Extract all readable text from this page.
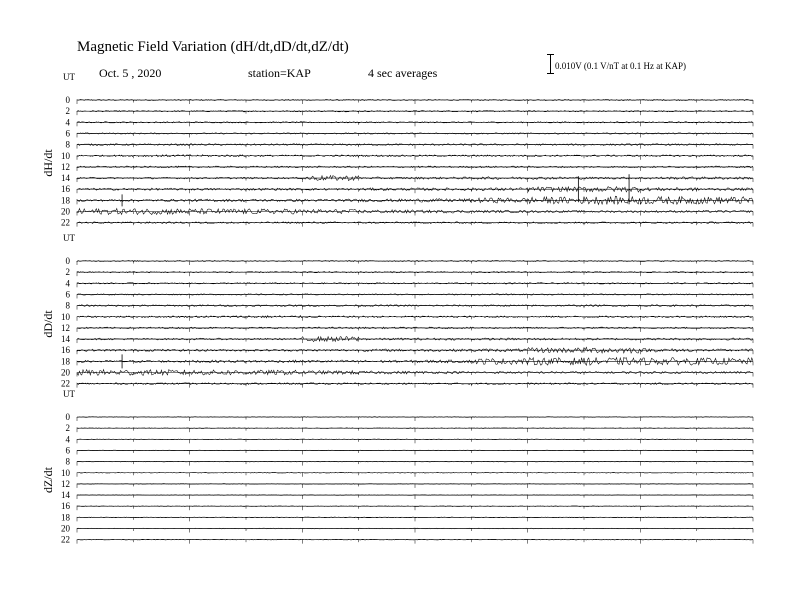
Magnetic Field Variation (dH/dt,dD/dt,dZ/dt)
Oct. 5 , 2020	station=KAP	4 sec averages	0.010V (0.1 V/nT at 0.1 Hz at KAP)
UT
dH/dt
0
2
4
6
8
10
12
14
16
18
20
22
UT
dD/dt
0
2
4
6
8
10
12
14
16
18
20
22
UT
dZ/dt
0
2
4
6
8
10
12
14
16
18
20
22
